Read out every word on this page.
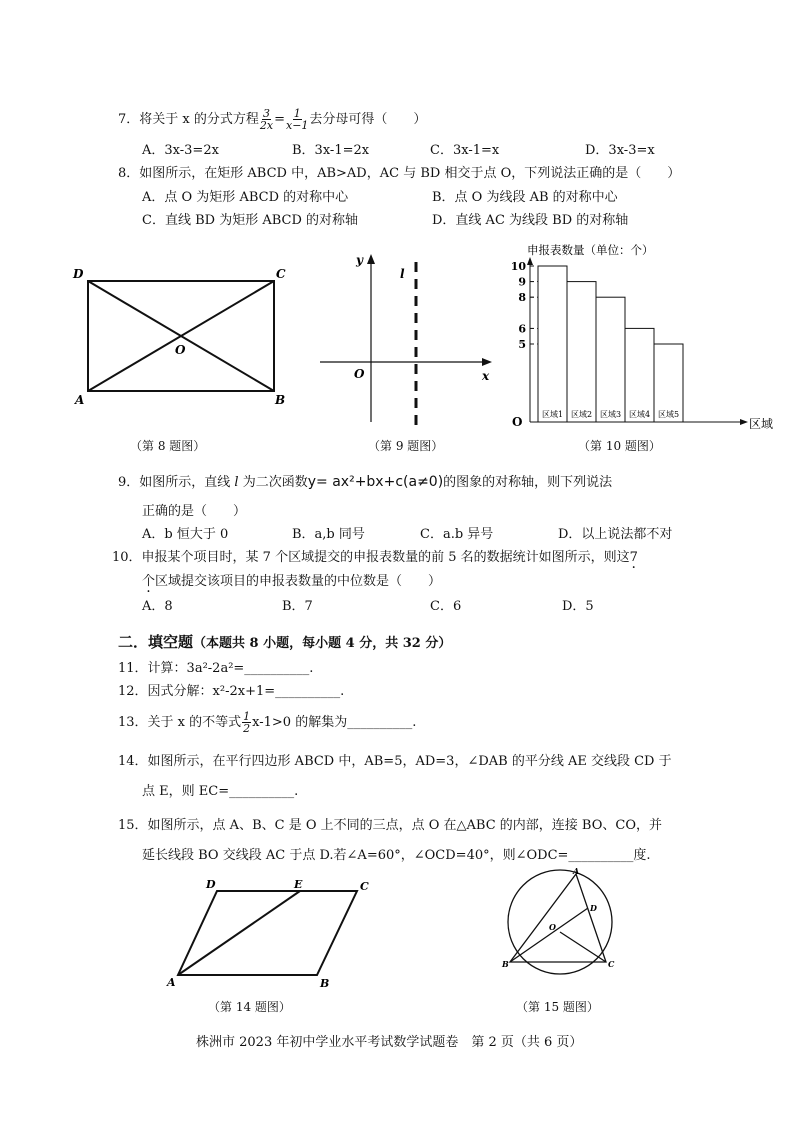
7．将关于 x 的分式方程 $\frac{3}{2x} = \frac{1}{x-1}$ 去分母可得（　　）
A．3x-3=2x	B．3x-1=2x	C．3x-1=x	D．3x-3=x
8．如图所示，在矩形 ABCD 中，AB>AD，AC 与 BD 相交于点 O，下列说法正确的是（　　）
A．点 O 为矩形 ABCD 的对称中心	B．点 O 为线段 AB 的对称中心
C．直线 BD 为矩形 ABCD 的对称轴	D．直线 AC 为线段 BD 的对称轴
D	C
O
A	B
（第 8 题图）
y
l
O	x
（第 9 题图）
申报表数量（单位：个）
O	区域
区域1 区域2 区域3 区域4 区域5
10
9
8
6
5
（第 10 题图）
9．如图所示，直线 l 为二次函数y= ax²+bx+c(a≠0)的图象的对称轴，则下列说法
正确的是（　　）
A．b 恒大于 0	B．a,b 同号	C．a.b 异号	D．以上说法都不对
10．申报某个项目时，某 7 个区域提交的申报表数量的前 5 名的数据统计如图所示，则这7 ·
个区域提交该项目的申报表数量的中位数是（　　）
A．8	B．7	C．6	D．5
二．填空题（本题共 8 小题，每小题 4 分，共 32 分）
11．计算：3a²-2a²=__________.
12．因式分解：x²-2x+1=__________.
13．关于 x 的不等式 $\frac{1}{2} x-1>0$ 的解集为__________.
14．如图所示，在平行四边形 ABCD 中，AB=5，AD=3，∠DAB 的平分线 AE 交线段 CD 于
点 E，则 EC=__________.
15．如图所示，点 A、B、C 是 O 上不同的三点，点 O 在△ABC 的内部，连接 BO、CO，并
延长线段 BO 交线段 AC 于点 D.若∠A=60°，∠OCD=40°，则∠ODC=__________度.
D	E	C
A	B
（第 14 题图）
A
D
O
B	C
（第 15 题图）
株洲市 2023 年初中学业水平考试数学试题卷　第 2 页（共 6 页）
